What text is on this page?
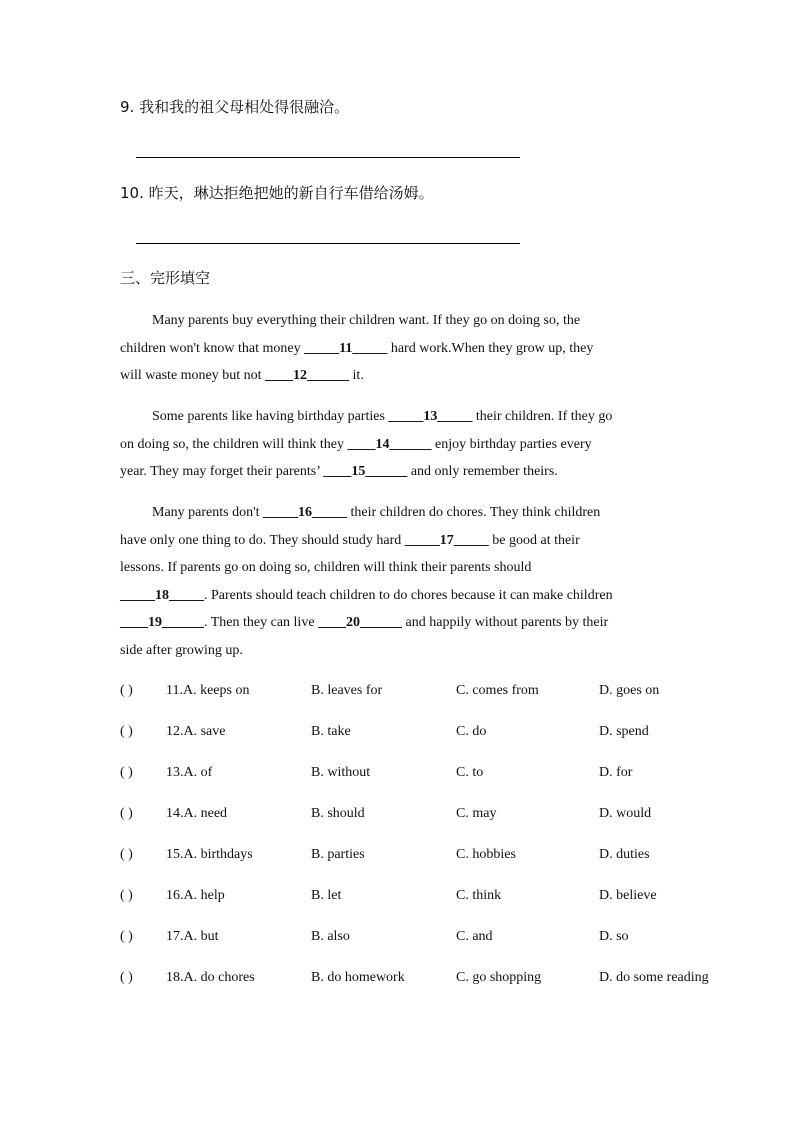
9. 我和我的祖父母相处得很融洽。
10. 昨天，琳达拒绝把她的新自行车借给汤姆。
三、完形填空

Many parents buy everything their children want. If they go on doing so, the

children won't know that money _____11_____ hard work.When they grow up, they

will waste money but not ____12______ it.

Some parents like having birthday parties _____13_____ their children. If they go

on doing so, the children will think they ____14______ enjoy birthday parties every

year. They may forget their parents’ ____15______ and only remember theirs.

Many parents don't _____16_____ their children do chores. They think children

have only one thing to do. They should study hard _____17_____ be good at their

lessons. If parents go on doing so, children will think their parents should

_____18_____. Parents should teach children to do chores because it can make children

____19______. Then they can live ____20______ and happily without parents by their

side after growing up.

( ) 11.A. keeps on	B. leaves for	C. comes from	D. goes on
( ) 12.A. save	B. take	C. do	D. spend
( ) 13.A. of	B. without	C. to	D. for
( ) 14.A. need	B. should	C. may	D. would
( ) 15.A. birthdays	B. parties	C. hobbies	D. duties
( ) 16.A. help	B. let	C. think	D. believe
( ) 17.A. but	B. also	C. and	D. so
( ) 18.A. do chores	B. do homework	C. go shopping	D. do some reading
